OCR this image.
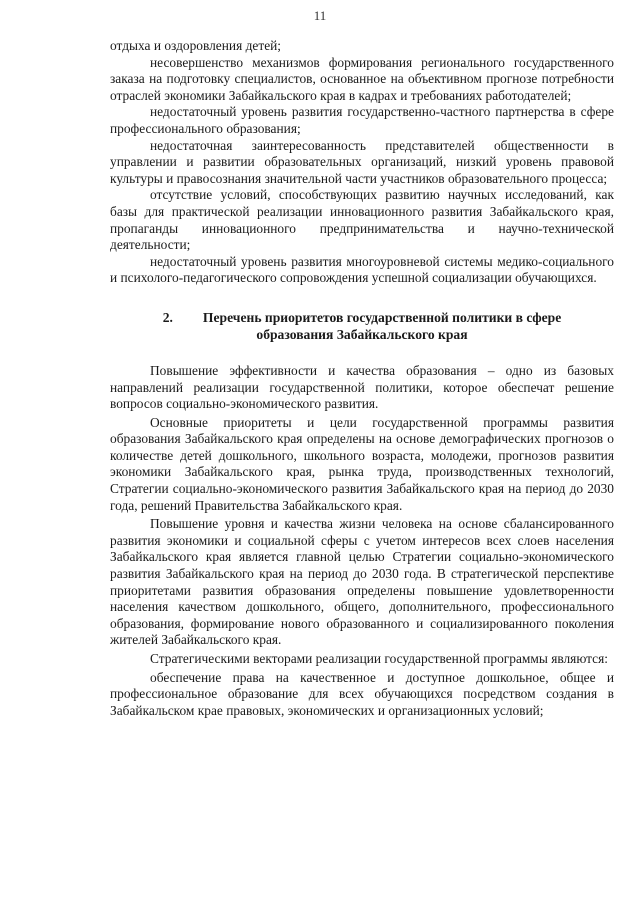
11

отдыха и оздоровления детей;

несовершенство механизмов формирования регионального государственного заказа на подготовку специалистов, основанное на объективном прогнозе потребности отраслей экономики Забайкальского края в кадрах и требованиях работодателей;

недостаточный уровень развития государственно-частного партнерства в сфере профессионального образования;

недостаточная заинтересованность представителей общественности в управлении и развитии образовательных организаций, низкий уровень правовой культуры и правосознания значительной части участников образовательного процесса;

отсутствие условий, способствующих развитию научных исследований, как базы для практической реализации инновационного развития Забайкальского края, пропаганды инновационного предпринимательства и научно-технической деятельности;

недостаточный уровень развития многоуровневой системы медико-социального и психолого-педагогического сопровождения успешной социализации обучающихся.

2. Перечень приоритетов государственной политики в сфере
образования Забайкальского края

Повышение эффективности и качества образования – одно из базовых направлений реализации государственной политики, которое обеспечат решение вопросов социально-экономического развития.

Основные приоритеты и цели государственной программы развития образования Забайкальского края определены на основе демографических прогнозов о количестве детей дошкольного, школьного возраста, молодежи, прогнозов развития экономики Забайкальского края, рынка труда, производственных технологий, Стратегии социально-экономического развития Забайкальского края на период до 2030 года, решений Правительства Забайкальского края.

Повышение уровня и качества жизни человека на основе сбалансированного развития экономики и социальной сферы с учетом интересов всех слоев населения Забайкальского края является главной целью Стратегии социально-экономического развития Забайкальского края на период до 2030 года. В стратегической перспективе приоритетами развития образования определены повышение удовлетворенности населения качеством дошкольного, общего, дополнительного, профессионального образования, формирование нового образованного и социализированного поколения жителей Забайкальского края.

Стратегическими векторами реализации государственной программы являются:

обеспечение права на качественное и доступное дошкольное, общее и профессиональное образование для всех обучающихся посредством создания в Забайкальском крае правовых, экономических и организационных условий;
